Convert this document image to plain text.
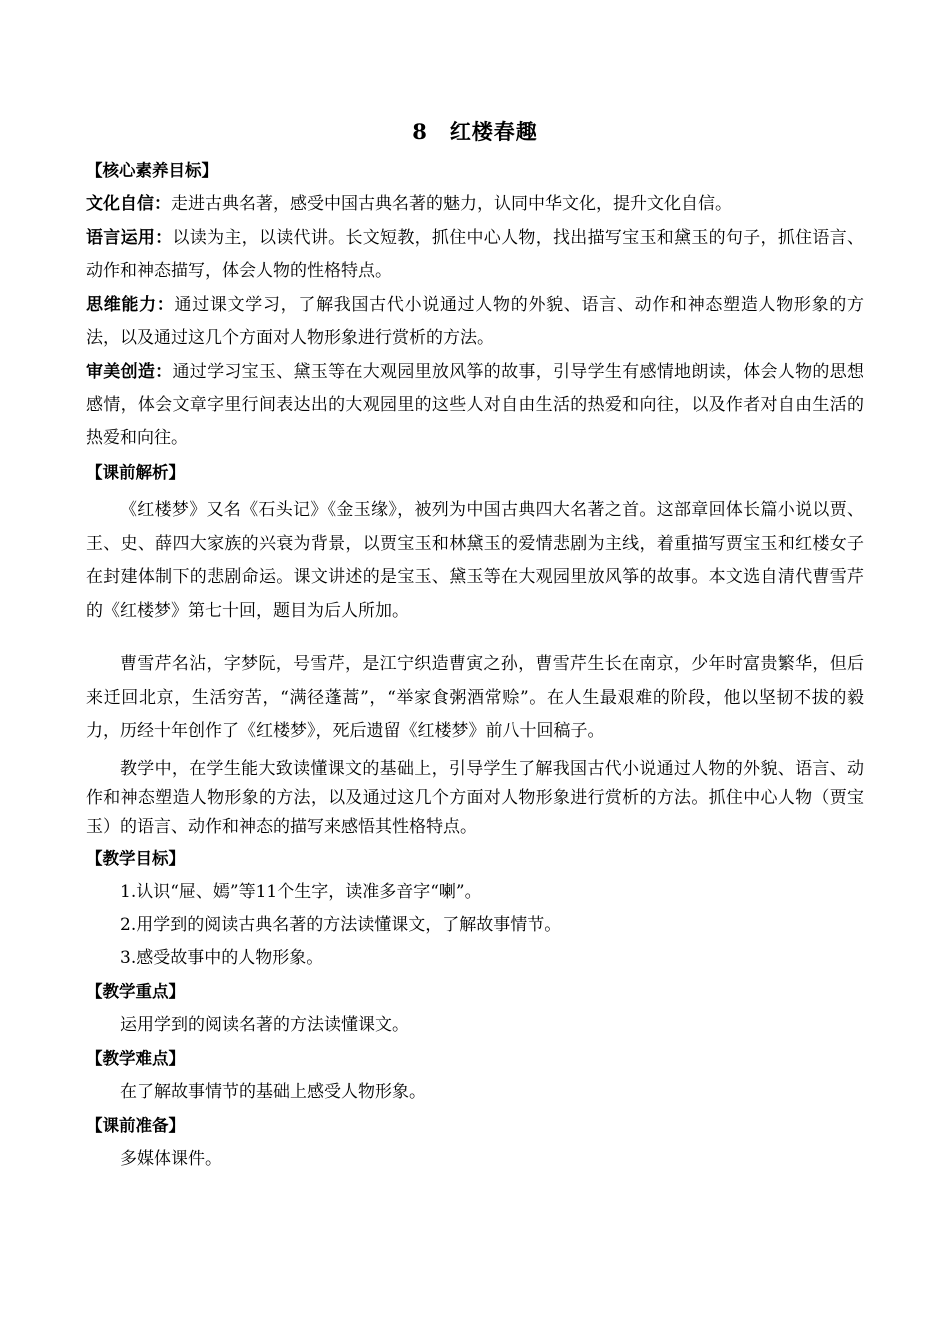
8 红楼春趣
【核心素养目标】

文化自信：走进古典名著，感受中国古典名著的魅力，认同中华文化，提升文化自信。

语言运用：以读为主，以读代讲。长文短教，抓住中心人物，找出描写宝玉和黛玉的句子，抓住语言、动作和神态描写，体会人物的性格特点。

思维能力：通过课文学习，了解我国古代小说通过人物的外貌、语言、动作和神态塑造人物形象的方法，以及通过这几个方面对人物形象进行赏析的方法。

审美创造：通过学习宝玉、黛玉等在大观园里放风筝的故事，引导学生有感情地朗读，体会人物的思想感情，体会文章字里行间表达出的大观园里的这些人对自由生活的热爱和向往，以及作者对自由生活的热爱和向往。

【课前解析】

《红楼梦》又名《石头记》《金玉缘》，被列为中国古典四大名著之首。这部章回体长篇小说以贾、王、史、薛四大家族的兴衰为背景，以贾宝玉和林黛玉的爱情悲剧为主线，着重描写贾宝玉和红楼女子在封建体制下的悲剧命运。课文讲述的是宝玉、黛玉等在大观园里放风筝的故事。本文选自清代曹雪芹的《红楼梦》第七十回，题目为后人所加。

曹雪芹名沾，字梦阮，号雪芹，是江宁织造曹寅之孙，曹雪芹生长在南京，少年时富贵繁华，但后来迁回北京，生活穷苦，“满径蓬蒿”，“举家食粥酒常赊”。在人生最艰难的阶段，他以坚韧不拔的毅力，历经十年创作了《红楼梦》，死后遗留《红楼梦》前八十回稿子。

教学中，在学生能大致读懂课文的基础上，引导学生了解我国古代小说通过人物的外貌、语言、动作和神态塑造人物形象的方法，以及通过这几个方面对人物形象进行赏析的方法。抓住中心人物（贾宝玉）的语言、动作和神态的描写来感悟其性格特点。

【教学目标】

1.认识“屉、嫣”等11个生字，读准多音字“喇”。

2.用学到的阅读古典名著的方法读懂课文，了解故事情节。

3.感受故事中的人物形象。

【教学重点】

运用学到的阅读名著的方法读懂课文。

【教学难点】

在了解故事情节的基础上感受人物形象。

【课前准备】

多媒体课件。
